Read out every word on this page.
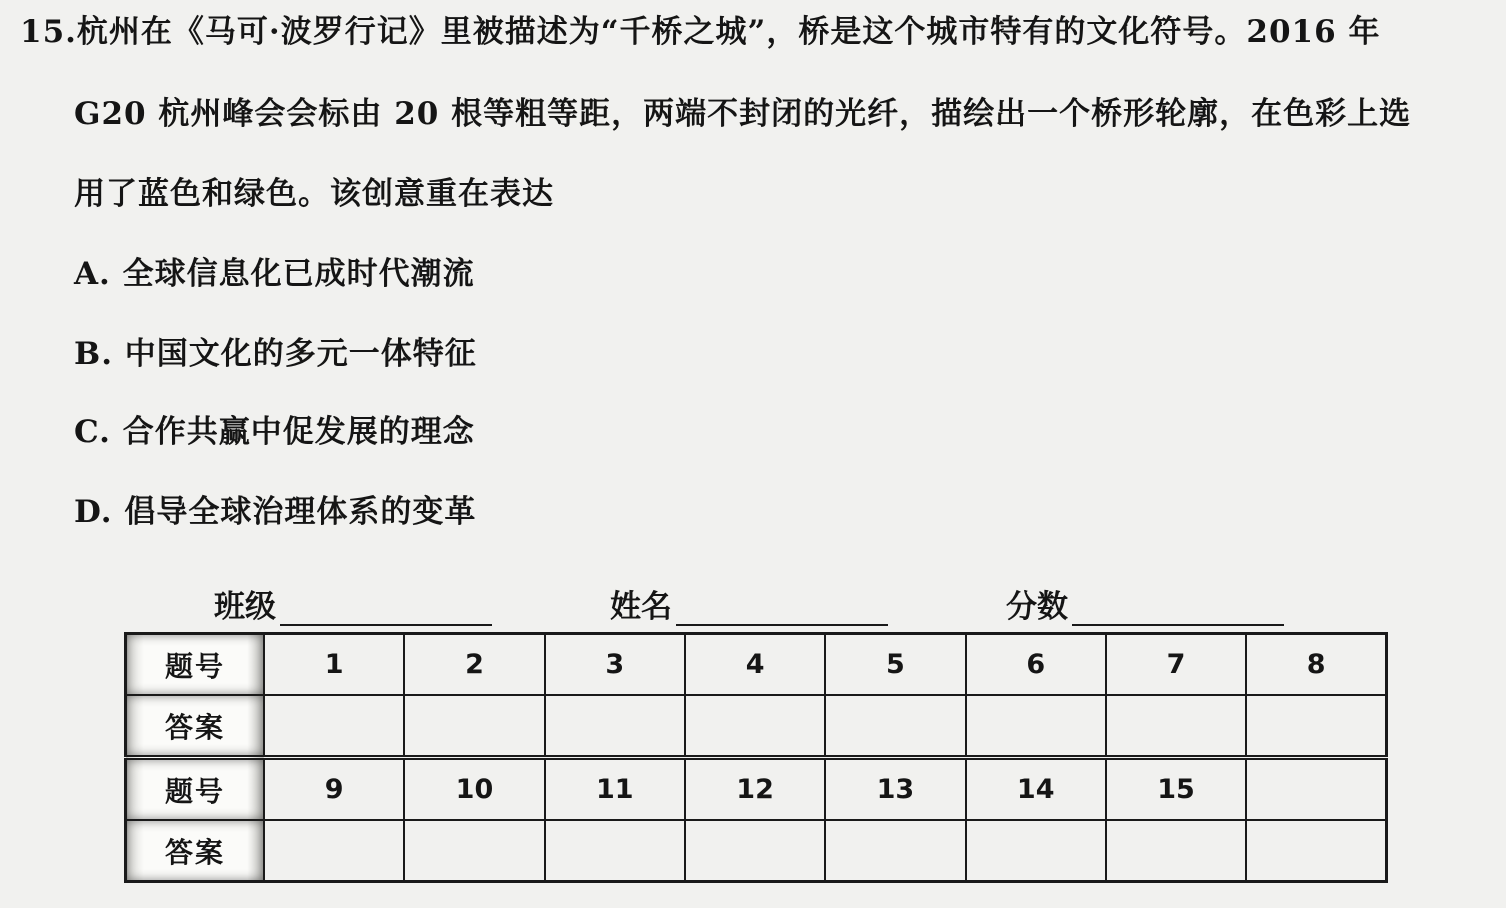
15.杭州在《马可·波罗行记》里被描述为“千桥之城”，桥是这个城市特有的文化符号。2016 年
G20 杭州峰会会标由 20 根等粗等距，两端不封闭的光纤，描绘出一个桥形轮廓，在色彩上选
用了蓝色和绿色。该创意重在表达
A. 全球信息化已成时代潮流
B. 中国文化的多元一体特征
C. 合作共赢中促发展的理念
D. 倡导全球治理体系的变革
班级	姓名	分数
题号	1	2	3	4	5	6	7	8
答案								
题号	9	10	11	12	13	14	15	
答案								
